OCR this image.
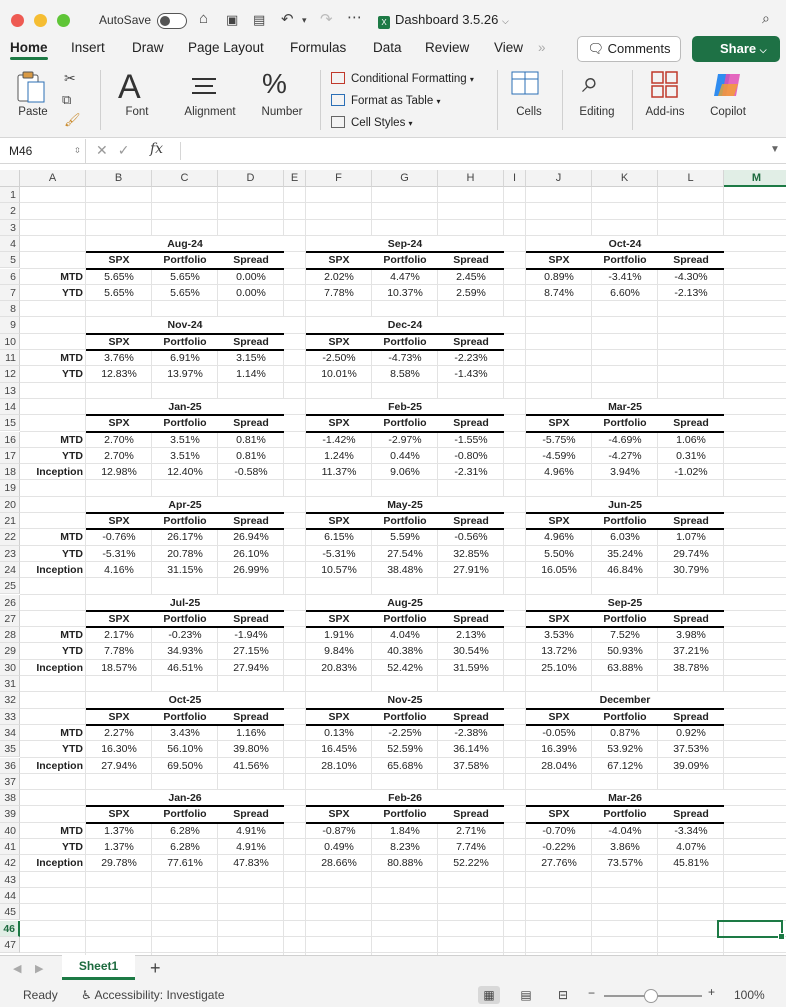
AutoSave	⌂ ▣ ▤ ↶ ▾ ↷ ⋯	X Dashboard 3.5.26 ⌵	⌕
Home Insert Draw Page Layout Formulas Data Review View »	🗨 Comments	Share ⌵
Paste
✂
⧉
🖌
A
Font	Alignment
%
Number
Conditional Formatting ▾
Format as Table ▾
Cell Styles ▾
Cells
⌕
Editing	Add-ins	Copilot
M46	⇳ ✕✓ fx	▼
A	B	C	D	E	F	G	H	I	J	K	L	M
1
2
3
4
5
6
7
8
9
10
11
12
13
14
15
16
17
18
19
20
21
22
23
24
25
26
27
28
29
30
31
32
33
34
35
36
37
38
39
40
41
42
43
44
45
46
47
Aug-24
SPX	Portfolio	Spread
MTD	5.65%	5.65%	0.00%
YTD	5.65%	5.65%	0.00%
Sep-24
SPX	Portfolio	Spread
2.02%	4.47%	2.45%
7.78%	10.37%	2.59%
Oct-24
SPX	Portfolio	Spread
0.89%	-3.41%	-4.30%
8.74%	6.60%	-2.13%
Nov-24
SPX	Portfolio	Spread
MTD	3.76%	6.91%	3.15%
YTD	12.83%	13.97%	1.14%
Dec-24
SPX	Portfolio	Spread
-2.50%	-4.73%	-2.23%
10.01%	8.58%	-1.43%
Jan-25
SPX	Portfolio	Spread
MTD	2.70%	3.51%	0.81%
YTD	2.70%	3.51%	0.81%
Inception	12.98%	12.40%	-0.58%
Feb-25
SPX	Portfolio	Spread
-1.42%	-2.97%	-1.55%
1.24%	0.44%	-0.80%
11.37%	9.06%	-2.31%
Mar-25
SPX	Portfolio	Spread
-5.75%	-4.69%	1.06%
-4.59%	-4.27%	0.31%
4.96%	3.94%	-1.02%
Apr-25
SPX	Portfolio	Spread
MTD	-0.76%	26.17%	26.94%
YTD	-5.31%	20.78%	26.10%
Inception	4.16%	31.15%	26.99%
May-25
SPX	Portfolio	Spread
6.15%	5.59%	-0.56%
-5.31%	27.54%	32.85%
10.57%	38.48%	27.91%
Jun-25
SPX	Portfolio	Spread
4.96%	6.03%	1.07%
5.50%	35.24%	29.74%
16.05%	46.84%	30.79%
Jul-25
SPX	Portfolio	Spread
MTD	2.17%	-0.23%	-1.94%
YTD	7.78%	34.93%	27.15%
Inception	18.57%	46.51%	27.94%
Aug-25
SPX	Portfolio	Spread
1.91%	4.04%	2.13%
9.84%	40.38%	30.54%
20.83%	52.42%	31.59%
Sep-25
SPX	Portfolio	Spread
3.53%	7.52%	3.98%
13.72%	50.93%	37.21%
25.10%	63.88%	38.78%
Oct-25
SPX	Portfolio	Spread
MTD	2.27%	3.43%	1.16%
YTD	16.30%	56.10%	39.80%
Inception	27.94%	69.50%	41.56%
Nov-25
SPX	Portfolio	Spread
0.13%	-2.25%	-2.38%
16.45%	52.59%	36.14%
28.10%	65.68%	37.58%
December
SPX	Portfolio	Spread
-0.05%	0.87%	0.92%
16.39%	53.92%	37.53%
28.04%	67.12%	39.09%
Jan-26
SPX	Portfolio	Spread
MTD	1.37%	6.28%	4.91%
YTD	1.37%	6.28%	4.91%
Inception	29.78%	77.61%	47.83%
Feb-26
SPX	Portfolio	Spread
-0.87%	1.84%	2.71%
0.49%	8.23%	7.74%
28.66%	80.88%	52.22%
Mar-26
SPX	Portfolio	Spread
-0.70%	-4.04%	-3.34%
-0.22%	3.86%	4.07%
27.76%	73.57%	45.81%
◀ ▶	Sheet1	+
Ready ♿ Accessibility: Investigate	▦	▤	⊟	−	+ 100%
